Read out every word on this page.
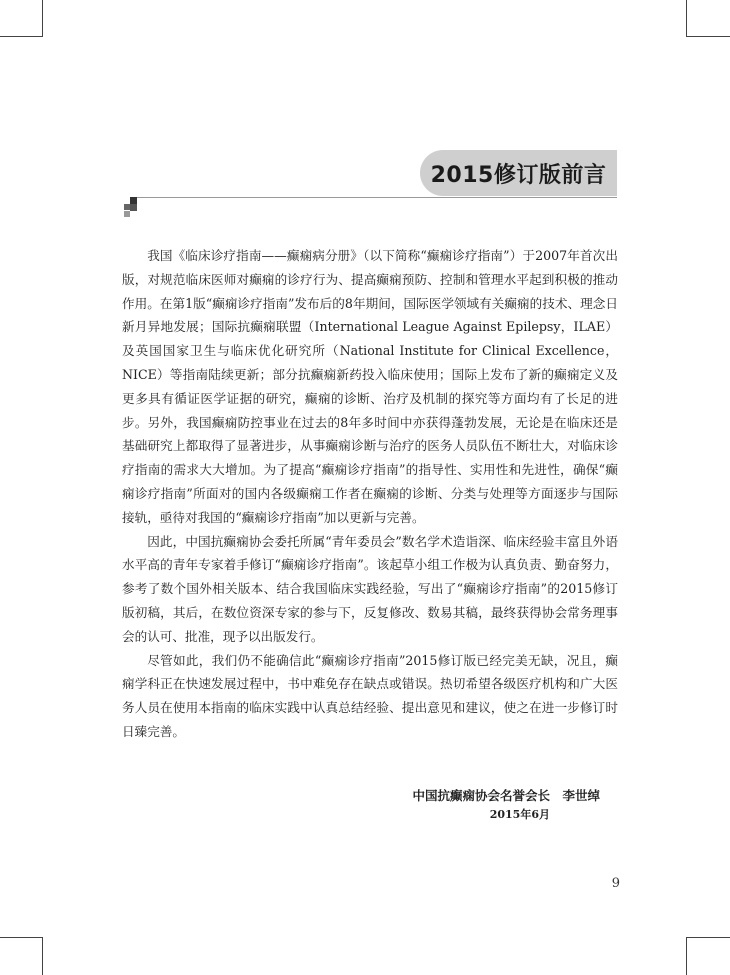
2015修订版前言

我国《临床诊疗指南——癫痫病分册》（以下简称“癫痫诊疗指南”）于2007年首次出版，对规范临床医师对癫痫的诊疗行为、提高癫痫预防、控制和管理水平起到积极的推动作用。在第1版“癫痫诊疗指南”发布后的8年期间，国际医学领域有关癫痫的技术、理念日新月异地发展；国际抗癫痫联盟（International League Against Epilepsy，ILAE）及英国国家卫生与临床优化研究所（National Institute for Clinical Excellence，NICE）等指南陆续更新；部分抗癫痫新药投入临床使用；国际上发布了新的癫痫定义及更多具有循证医学证据的研究，癫痫的诊断、治疗及机制的探究等方面均有了长足的进步。另外，我国癫痫防控事业在过去的8年多时间中亦获得蓬勃发展，无论是在临床还是基础研究上都取得了显著进步，从事癫痫诊断与治疗的医务人员队伍不断壮大，对临床诊疗指南的需求大大增加。为了提高“癫痫诊疗指南”的指导性、实用性和先进性，确保“癫痫诊疗指南”所面对的国内各级癫痫工作者在癫痫的诊断、分类与处理等方面逐步与国际接轨，亟待对我国的“癫痫诊疗指南”加以更新与完善。

因此，中国抗癫痫协会委托所属“青年委员会”数名学术造诣深、临床经验丰富且外语水平高的青年专家着手修订“癫痫诊疗指南”。该起草小组工作极为认真负责、勤奋努力，参考了数个国外相关版本、结合我国临床实践经验，写出了“癫痫诊疗指南”的2015修订版初稿，其后，在数位资深专家的参与下，反复修改、数易其稿，最终获得协会常务理事会的认可、批准，现予以出版发行。

尽管如此，我们仍不能确信此“癫痫诊疗指南”2015修订版已经完美无缺，况且，癫痫学科正在快速发展过程中，书中难免存在缺点或错误。热切希望各级医疗机构和广大医务人员在使用本指南的临床实践中认真总结经验、提出意见和建议，使之在进一步修订时日臻完善。

中国抗癫痫协会名誉会长　李世绰
2015年6月
9
